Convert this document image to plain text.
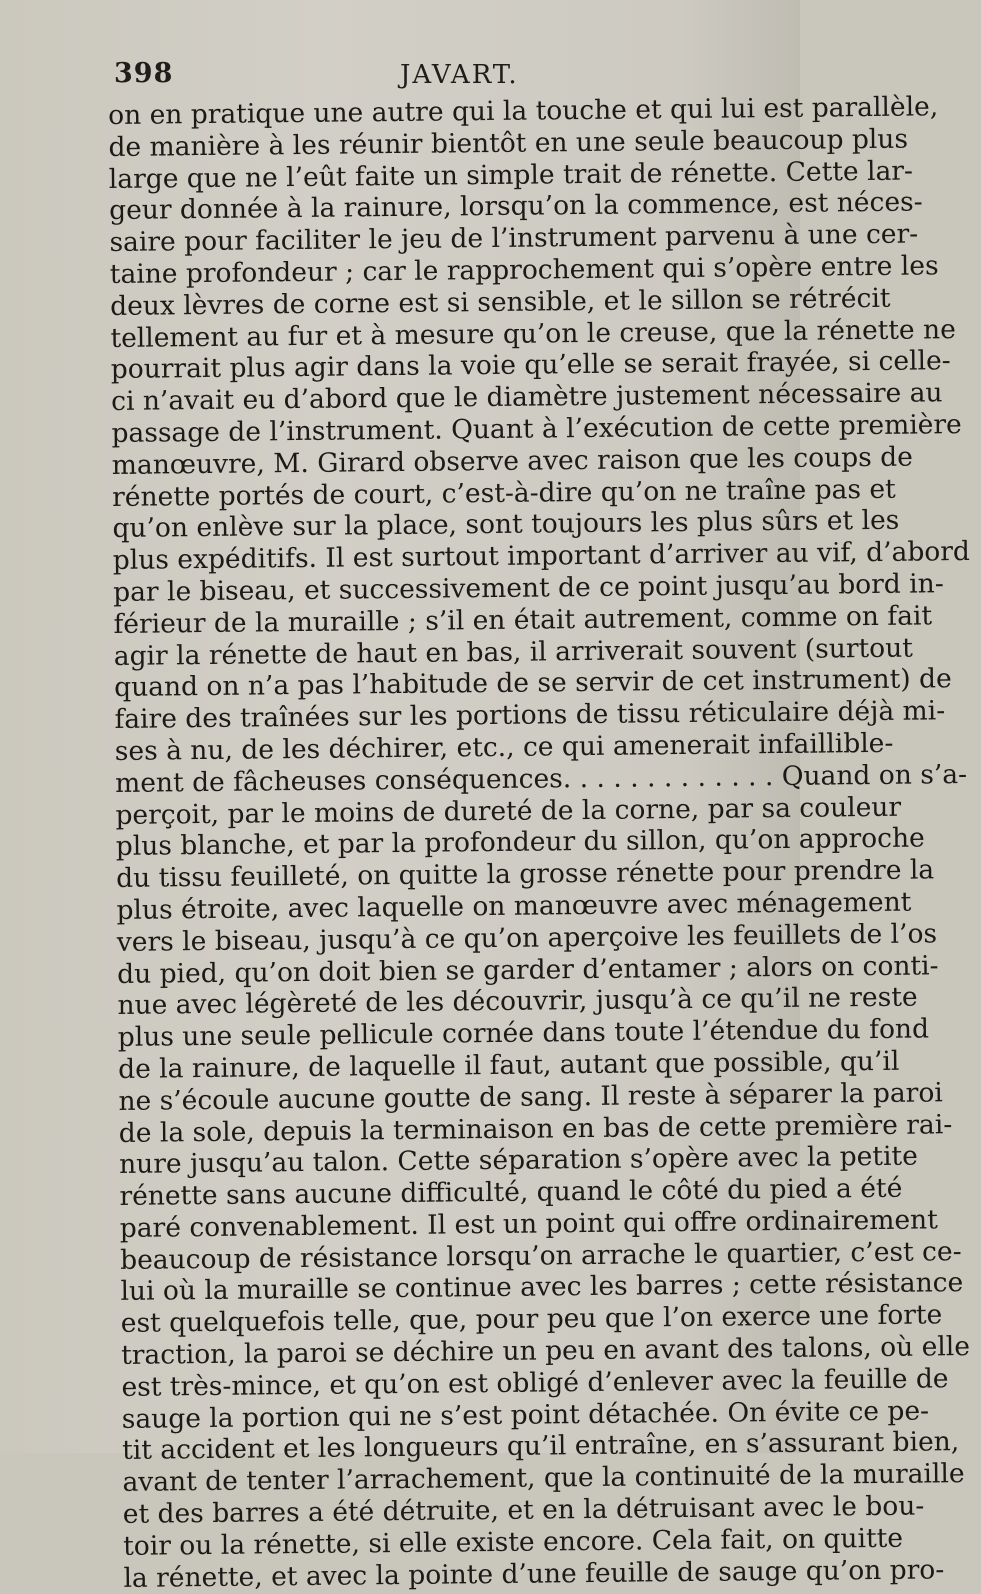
398	JAVART.
on en pratique une autre qui la touche et qui lui est parallèle,
de manière à les réunir bientôt en une seule beaucoup plus
large que ne l’eût faite un simple trait de rénette. Cette lar-
geur donnée à la rainure, lorsqu’on la commence, est néces-
saire pour faciliter le jeu de l’instrument parvenu à une cer-
taine profondeur ; car le rapprochement qui s’opère entre les
deux lèvres de corne est si sensible, et le sillon se rétrécit
tellement au fur et à mesure qu’on le creuse, que la rénette ne
pourrait plus agir dans la voie qu’elle se serait frayée, si celle-
ci n’avait eu d’abord que le diamètre justement nécessaire au
passage de l’instrument. Quant à l’exécution de cette première
manœuvre, M. Girard observe avec raison que les coups de
rénette portés de court, c’est-à-dire qu’on ne traîne pas et
qu’on enlève sur la place, sont toujours les plus sûrs et les
plus expéditifs. Il est surtout important d’arriver au vif, d’abord
par le biseau, et successivement de ce point jusqu’au bord in-
férieur de la muraille ; s’il en était autrement, comme on fait
agir la rénette de haut en bas, il arriverait souvent (surtout
quand on n’a pas l’habitude de se servir de cet instrument) de
faire des traînées sur les portions de tissu réticulaire déjà mi-
ses à nu, de les déchirer, etc., ce qui amenerait infaillible-
ment de fâcheuses conséquences. . . . . . . . . . . . . Quand on s’a-
perçoit, par le moins de dureté de la corne, par sa couleur
plus blanche, et par la profondeur du sillon, qu’on approche
du tissu feuilleté, on quitte la grosse rénette pour prendre la
plus étroite, avec laquelle on manœuvre avec ménagement
vers le biseau, jusqu’à ce qu’on aperçoive les feuillets de l’os
du pied, qu’on doit bien se garder d’entamer ; alors on conti-
nue avec légèreté de les découvrir, jusqu’à ce qu’il ne reste
plus une seule pellicule cornée dans toute l’étendue du fond
de la rainure, de laquelle il faut, autant que possible, qu’il
ne s’écoule aucune goutte de sang. Il reste à séparer la paroi
de la sole, depuis la terminaison en bas de cette première rai-
nure jusqu’au talon. Cette séparation s’opère avec la petite
rénette sans aucune difficulté, quand le côté du pied a été
paré convenablement. Il est un point qui offre ordinairement
beaucoup de résistance lorsqu’on arrache le quartier, c’est ce-
lui où la muraille se continue avec les barres ; cette résistance
est quelquefois telle, que, pour peu que l’on exerce une forte
traction, la paroi se déchire un peu en avant des talons, où elle
est très-mince, et qu’on est obligé d’enlever avec la feuille de
sauge la portion qui ne s’est point détachée. On évite ce pe-
tit accident et les longueurs qu’il entraîne, en s’assurant bien,
avant de tenter l’arrachement, que la continuité de la muraille
et des barres a été détruite, et en la détruisant avec le bou-
toir ou la rénette, si elle existe encore. Cela fait, on quitte
la rénette, et avec la pointe d’une feuille de sauge qu’on pro-
